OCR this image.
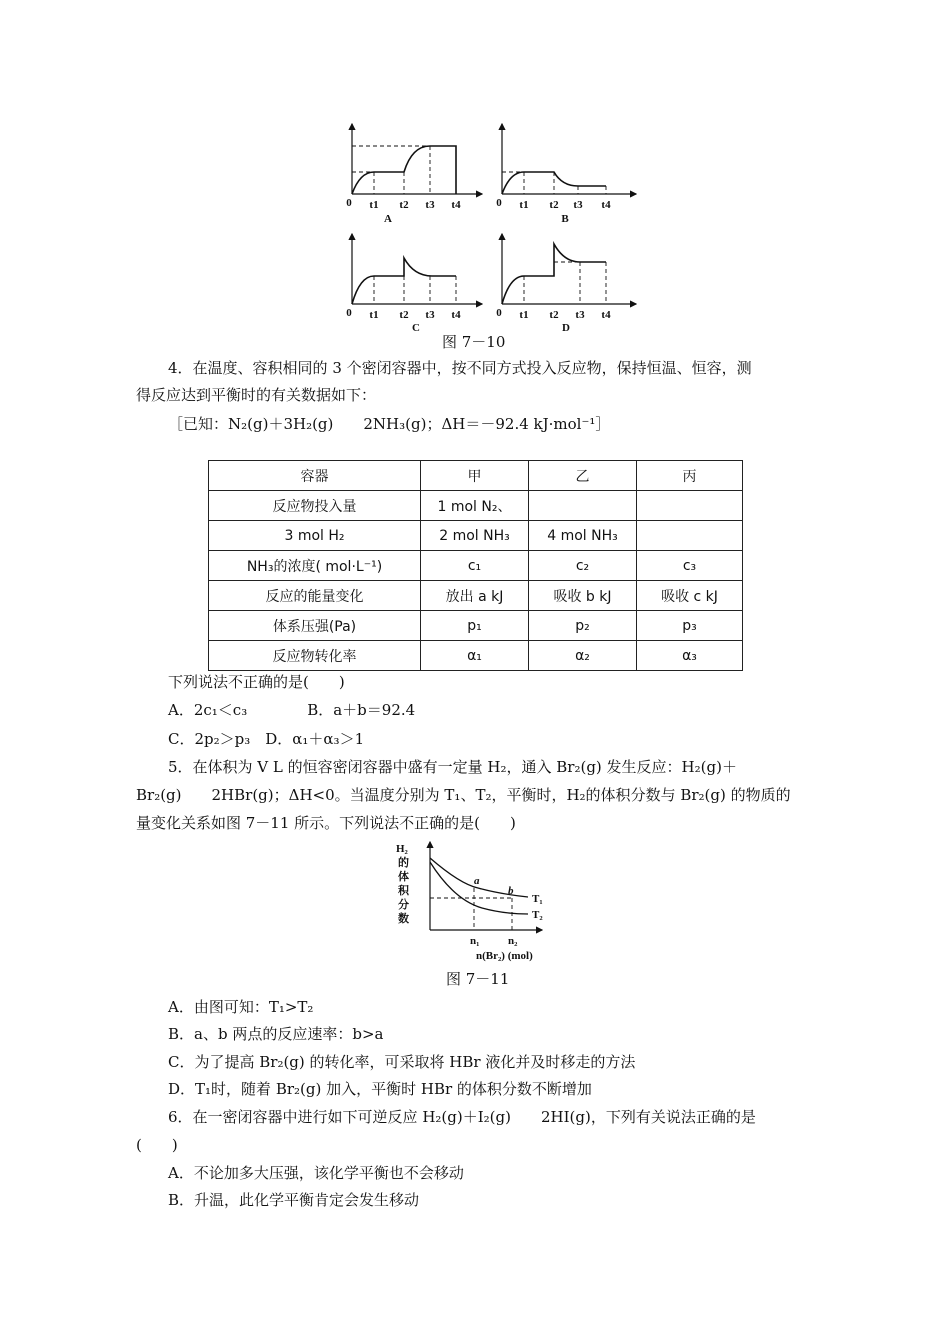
0 t1 t2 t3 t4
A
0 t1 t2 t3 t4
B
0 t1 t2 t3 t4
C
0 t1 t2 t3 t4
D
图 7－10
4．在温度、容积相同的 3 个密闭容器中，按不同方式投入反应物，保持恒温、恒容，测
得反应达到平衡时的有关数据如下：
［已知：N₂(g)＋3H₂(g)　　2NH₃(g)；ΔH＝－92.4 kJ·mol⁻¹］
容器	甲	乙	丙
反应物投入量	1 mol N₂、		
3 mol H₂	2 mol NH₃	4 mol NH₃	
NH₃的浓度( mol·L⁻¹)	c₁	c₂	c₃
反应的能量变化	放出 a kJ	吸收 b kJ	吸收 c kJ
体系压强(Pa)	p₁	p₂	p₃
反应物转化率	α₁	α₂	α₃
下列说法不正确的是(　　)
A．2c₁＜c₃　　　　B．a＋b＝92.4
C．2p₂＞p₃　D．α₁＋α₃＞1
5．在体积为 V L 的恒容密闭容器中盛有一定量 H₂，通入 Br₂(g) 发生反应：H₂(g)＋
Br₂(g)　　2HBr(g)；ΔH<0。当温度分别为 T₁、T₂，平衡时，H₂的体积分数与 Br₂(g) 的物质的
量变化关系如图 7－11 所示。下列说法不正确的是(　　)
H₂
的
体
积
分
数
a
b
T₁
T₂
n₁	n₂
n(Br₂) (mol)
图 7－11
A．由图可知：T₁>T₂
B．a、b 两点的反应速率：b>a
C．为了提高 Br₂(g) 的转化率，可采取将 HBr 液化并及时移走的方法
D．T₁时，随着 Br₂(g) 加入，平衡时 HBr 的体积分数不断增加
6．在一密闭容器中进行如下可逆反应 H₂(g)＋I₂(g)　　2HI(g)，下列有关说法正确的是
(　　)
A．不论加多大压强，该化学平衡也不会移动
B．升温，此化学平衡肯定会发生移动
